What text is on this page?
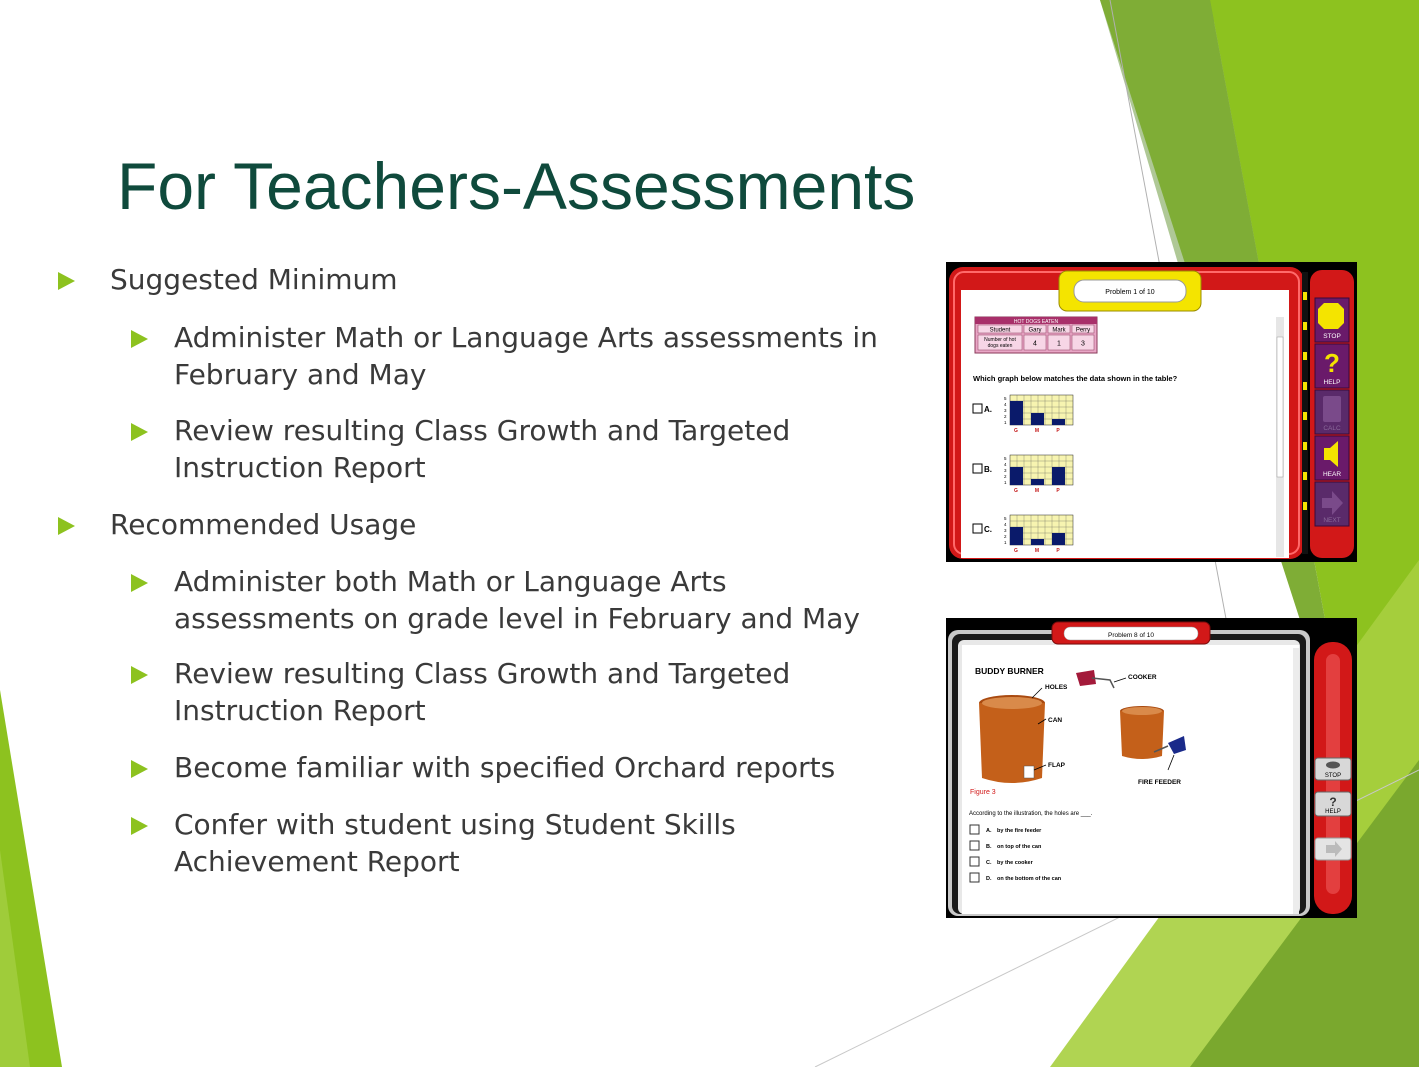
For Teachers-Assessments
Suggested Minimum
Administer Math or Language Arts assessments in
February and May
Review resulting Class Growth and Targeted
Instruction Report
Recommended Usage
Administer both Math or Language Arts
assessments on grade level in February and May
Review resulting Class Growth and Targeted
Instruction Report
Become familiar with specified Orchard reports
Confer with student using Student Skills
Achievement Report
Problem 1 of 10
STOP
?
HELP
CALC
HEAR
NEXT
HOT DOGS EATEN
Student	Gary Mark Perry
Number of hot
dogs eaten	4	1	3
Which graph below matches the data shown in the table?
A.
5
4
3
2
1
G	M	P
B.
5
4
3
2
1
G	M	P
C.
5
4
3
2
1
G	M	P
Problem 8 of 10
STOP
?
HELP
BUDDY BURNER
HOLES
CAN
FLAP
COOKER
FIRE FEEDER
Figure 3
According to the illustration, the holes are ___.
A. by the fire feeder
B. on top of the can
C. by the cooker
D. on the bottom of the can
